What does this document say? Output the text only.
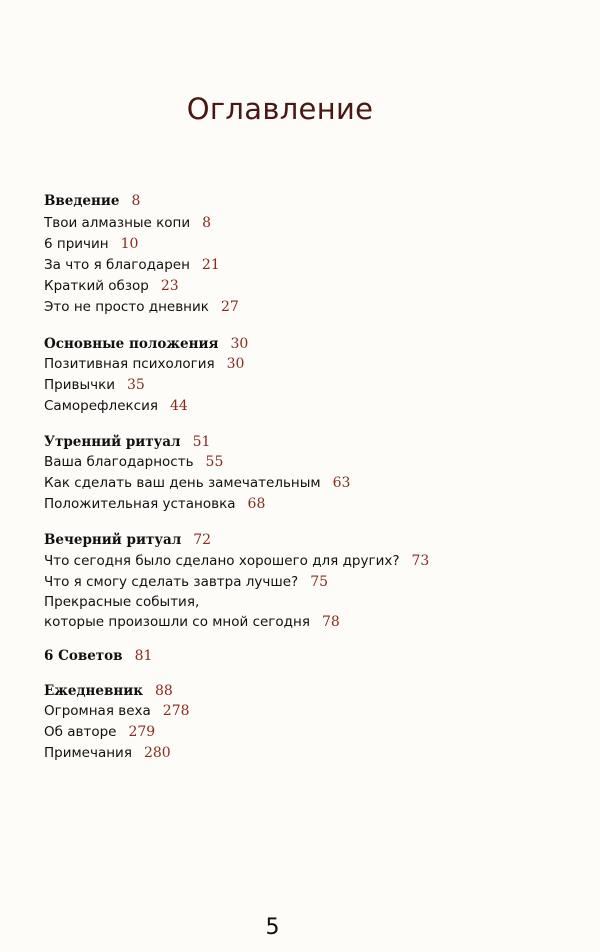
Оглавление
Введение 8
Твои алмазные копи 8
6 причин 10
За что я благодарен 21
Краткий обзор 23
Это не просто дневник 27
Основные положения 30
Позитивная психология 30
Привычки 35
Саморефлексия 44
Утренний ритуал 51
Ваша благодарность 55
Как сделать ваш день замечательным 63
Положительная установка 68
Вечерний ритуал 72
Что сегодня было сделано хорошего для других? 73
Что я смогу сделать завтра лучше? 75
Прекрасные события,
которые произошли со мной сегодня 78
6 Советов 81
Ежедневник 88
Огромная веха 278
Об авторе 279
Примечания 280
5
